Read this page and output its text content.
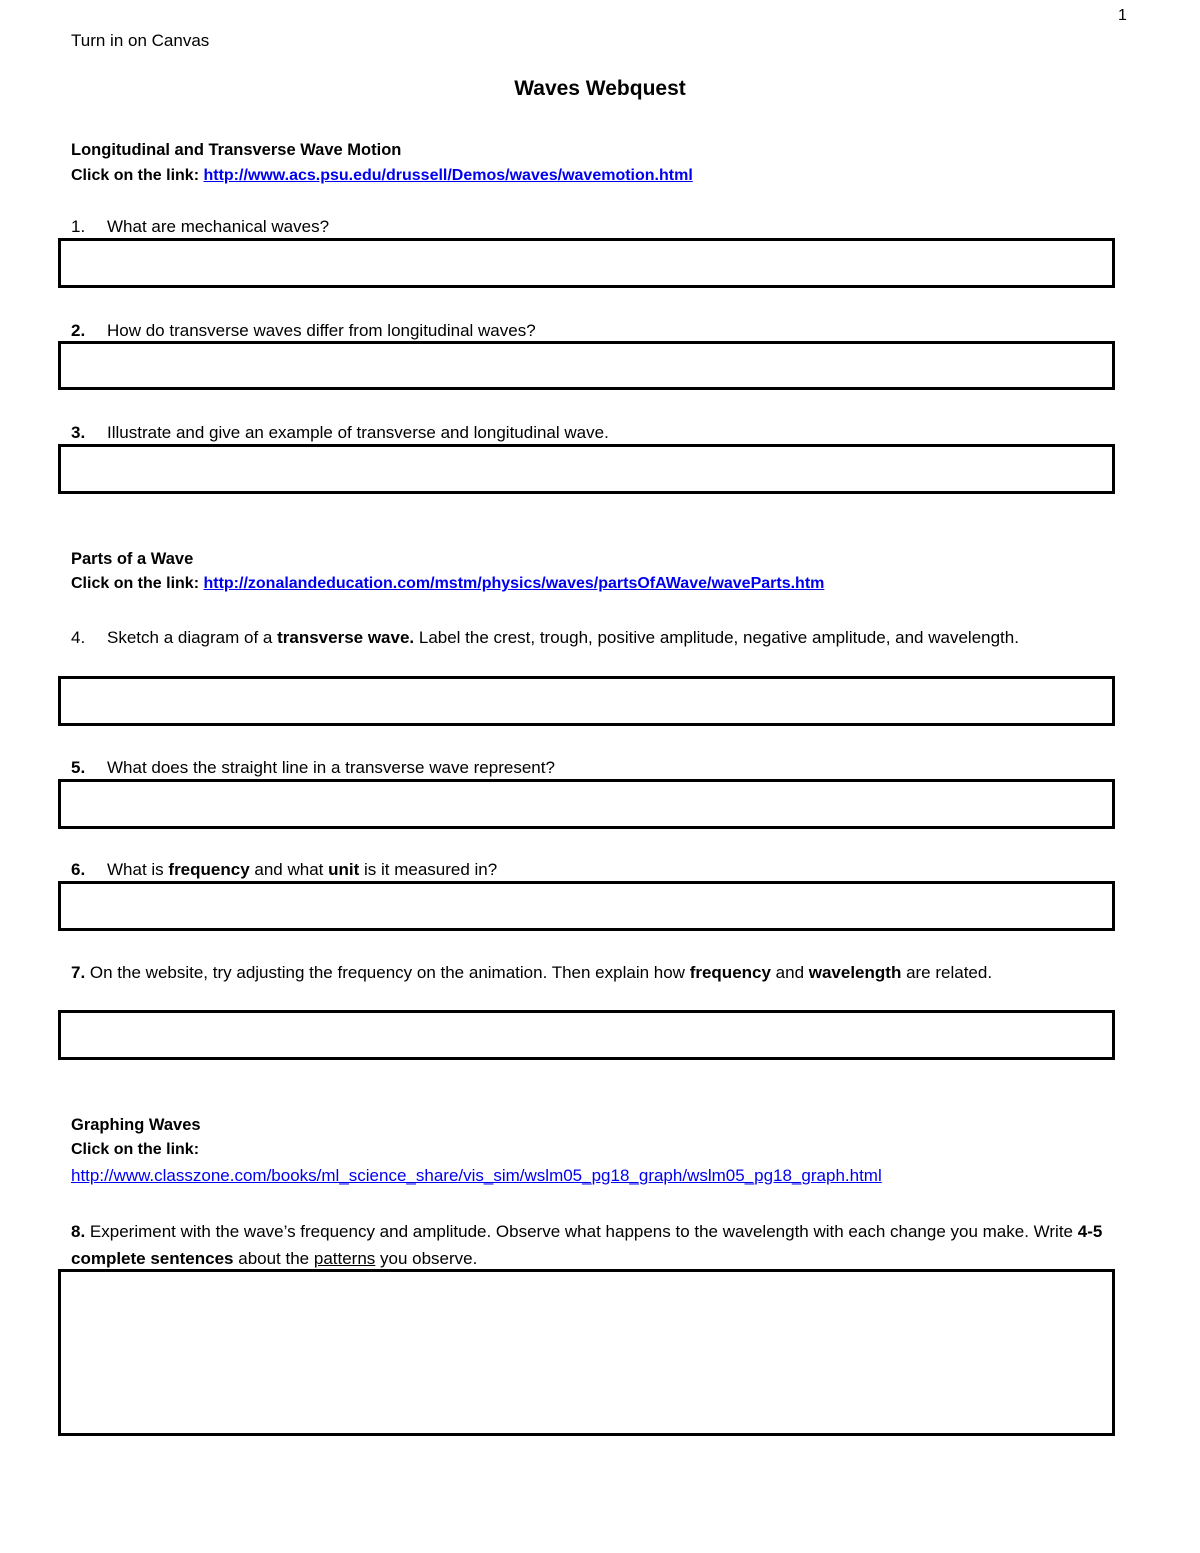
1
Turn in on Canvas
Waves Webquest
Longitudinal and Transverse Wave Motion
Click on the link: http://www.acs.psu.edu/drussell/Demos/waves/wavemotion.html
1. What are mechanical waves?
2. How do transverse waves differ from longitudinal waves?
3. Illustrate and give an example of transverse and longitudinal wave.
Parts of a Wave
Click on the link: http://zonalandeducation.com/mstm/physics/waves/partsOfAWave/waveParts.htm
4. Sketch a diagram of a transverse wave. Label the crest, trough, positive amplitude, negative amplitude, and wavelength.
5. What does the straight line in a transverse wave represent?
6. What is frequency and what unit is it measured in?
7. On the website, try adjusting the frequency on the animation. Then explain how frequency and wavelength are related.
Graphing Waves
Click on the link:
http://www.classzone.com/books/ml_science_share/vis_sim/wslm05_pg18_graph/wslm05_pg18_graph.html
8. Experiment with the wave’s frequency and amplitude. Observe what happens to the wavelength with each change you make. Write 4-5 complete sentences about the patterns you observe.
